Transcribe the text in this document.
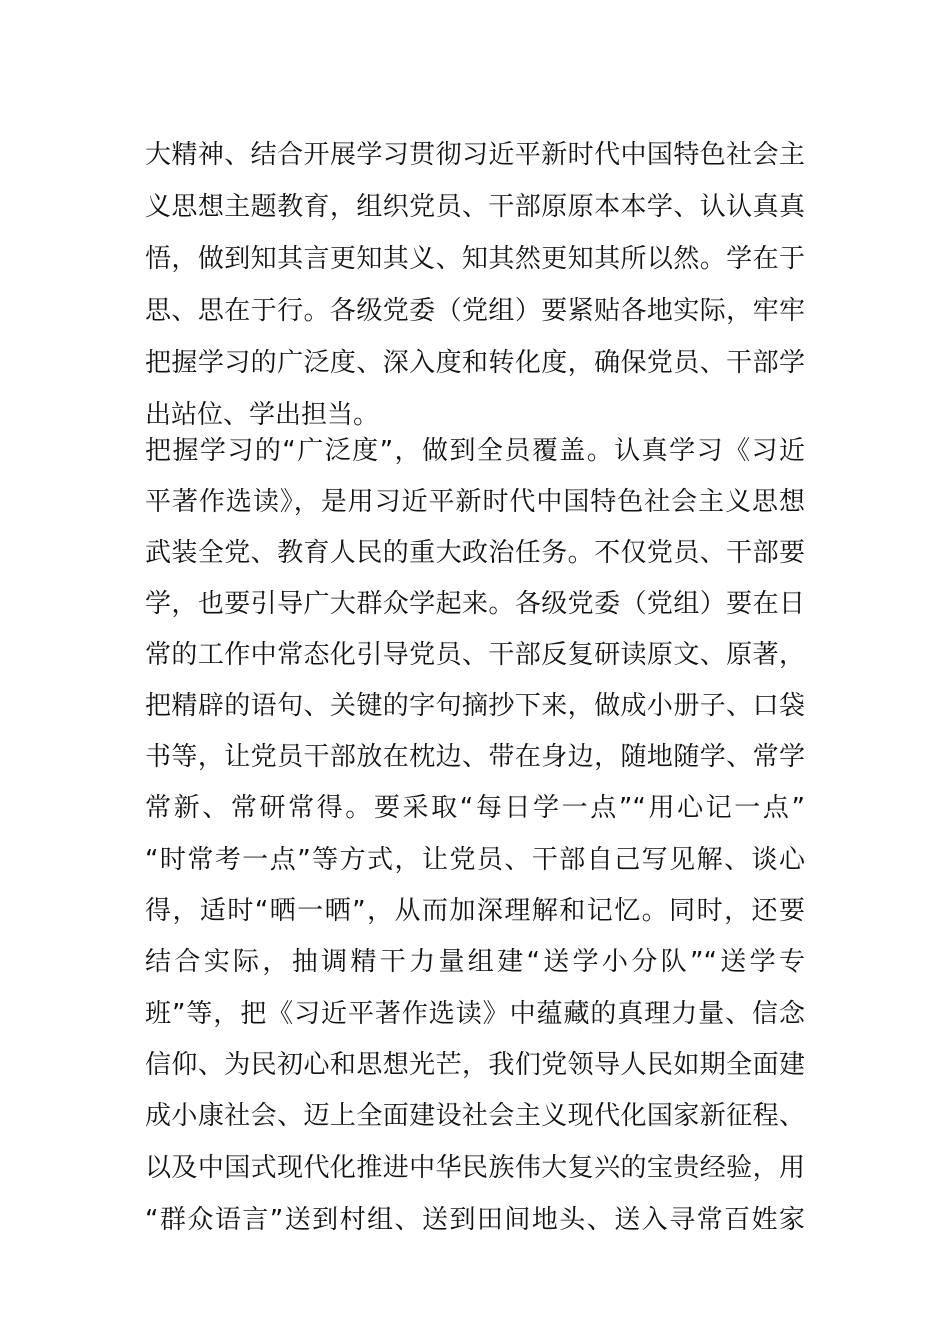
大精神、结合开展学习贯彻习近平新时代中国特色社会主
义思想主题教育，组织党员、干部原原本本学、认认真真
悟，做到知其言更知其义、知其然更知其所以然。学在于
思、思在于行。各级党委（党组）要紧贴各地实际，牢牢
把握学习的广泛度、深入度和转化度，确保党员、干部学
出站位、学出担当。
把握学习的“广泛度”，做到全员覆盖。认真学习《习近
平著作选读》，是用习近平新时代中国特色社会主义思想
武装全党、教育人民的重大政治任务。不仅党员、干部要
学，也要引导广大群众学起来。各级党委（党组）要在日
常的工作中常态化引导党员、干部反复研读原文、原著，
把精辟的语句、关键的字句摘抄下来，做成小册子、口袋
书等，让党员干部放在枕边、带在身边，随地随学、常学
常新、常研常得。要采取“每日学一点”“用心记一点”
“时常考一点”等方式，让党员、干部自己写见解、谈心
得，适时“晒一晒”，从而加深理解和记忆。同时，还要
结合实际，抽调精干力量组建“送学小分队”“送学专
班”等，把《习近平著作选读》中蕴藏的真理力量、信念
信仰、为民初心和思想光芒，我们党领导人民如期全面建
成小康社会、迈上全面建设社会主义现代化国家新征程、
以及中国式现代化推进中华民族伟大复兴的宝贵经验，用
“群众语言”送到村组、送到田间地头、送入寻常百姓家
